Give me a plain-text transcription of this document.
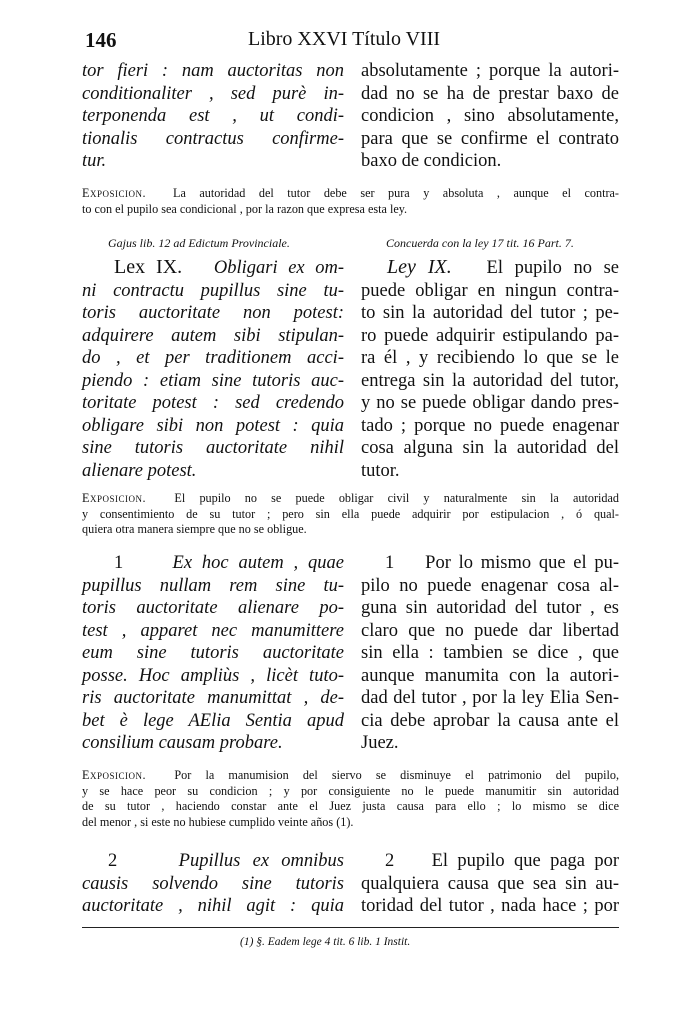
146	Libro XXVI Título VIII
tor fieri : nam auctoritas non
conditionaliter , sed purè in-
terponenda est , ut condi-
tionalis contractus confirme-
tur.
absolutamente ; porque la autori-
dad no se ha de prestar baxo de
condicion , sino absolutamente,
para que se confirme el contrato
baxo de condicion.
Exposicion. La autoridad del tutor debe ser pura y absoluta , aunque el contra-
to con el pupilo sea condicional , por la razon que expresa esta ley.
Gajus lib. 12 ad Edictum Provinciale.	Concuerda con la ley 17 tit. 16 Part. 7.
Lex IX. Obligari ex om-
ni contractu pupillus sine tu-
toris auctoritate non potest:
adquirere autem sibi stipulan-
do , et per traditionem acci-
piendo : etiam sine tutoris auc-
toritate potest : sed credendo
obligare sibi non potest : quia
sine tutoris auctoritate nihil
alienare potest.
Ley IX. El pupilo no se
puede obligar en ningun contra-
to sin la autoridad del tutor ; pe-
ro puede adquirir estipulando pa-
ra él , y recibiendo lo que se le
entrega sin la autoridad del tutor,
y no se puede obligar dando pres-
tado ; porque no puede enagenar
cosa alguna sin la autoridad del
tutor.
Exposicion. El pupilo no se puede obligar civil y naturalmente sin la autoridad
y consentimiento de su tutor ; pero sin ella puede adquirir por estipulacion , ó qual-
quiera otra manera siempre que no se obligue.
1	Ex hoc autem , quae
pupillus nullam rem sine tu-
toris auctoritate alienare po-
test , apparet nec manumittere
eum sine tutoris auctoritate
posse. Hoc ampliùs , licèt tuto-
ris auctoritate manumittat , de-
bet è lege AElia Sentia apud
consilium causam probare.
1 Por lo mismo que el pu-
pilo no puede enagenar cosa al-
guna sin autoridad del tutor , es
claro que no puede dar libertad
sin ella : tambien se dice , que
aunque manumita con la autori-
dad del tutor , por la ley Elia Sen-
cia debe aprobar la causa ante el
Juez.
Exposicion. Por la manumision del siervo se disminuye el patrimonio del pupilo,
y se hace peor su condicion ; y por consiguiente no le puede manumitir sin autoridad
de su tutor , haciendo constar ante el Juez justa causa para ello ; lo mismo se dice
del menor , si este no hubiese cumplido veinte años (1).
2	Pupillus ex omnibus
causis solvendo sine tutoris
auctoritate , nihil agit : quia
2 El pupilo que paga por
qualquiera causa que sea sin au-
toridad del tutor , nada hace ; por
(1) §. Eadem lege 4 tit. 6 lib. 1 Instit.
